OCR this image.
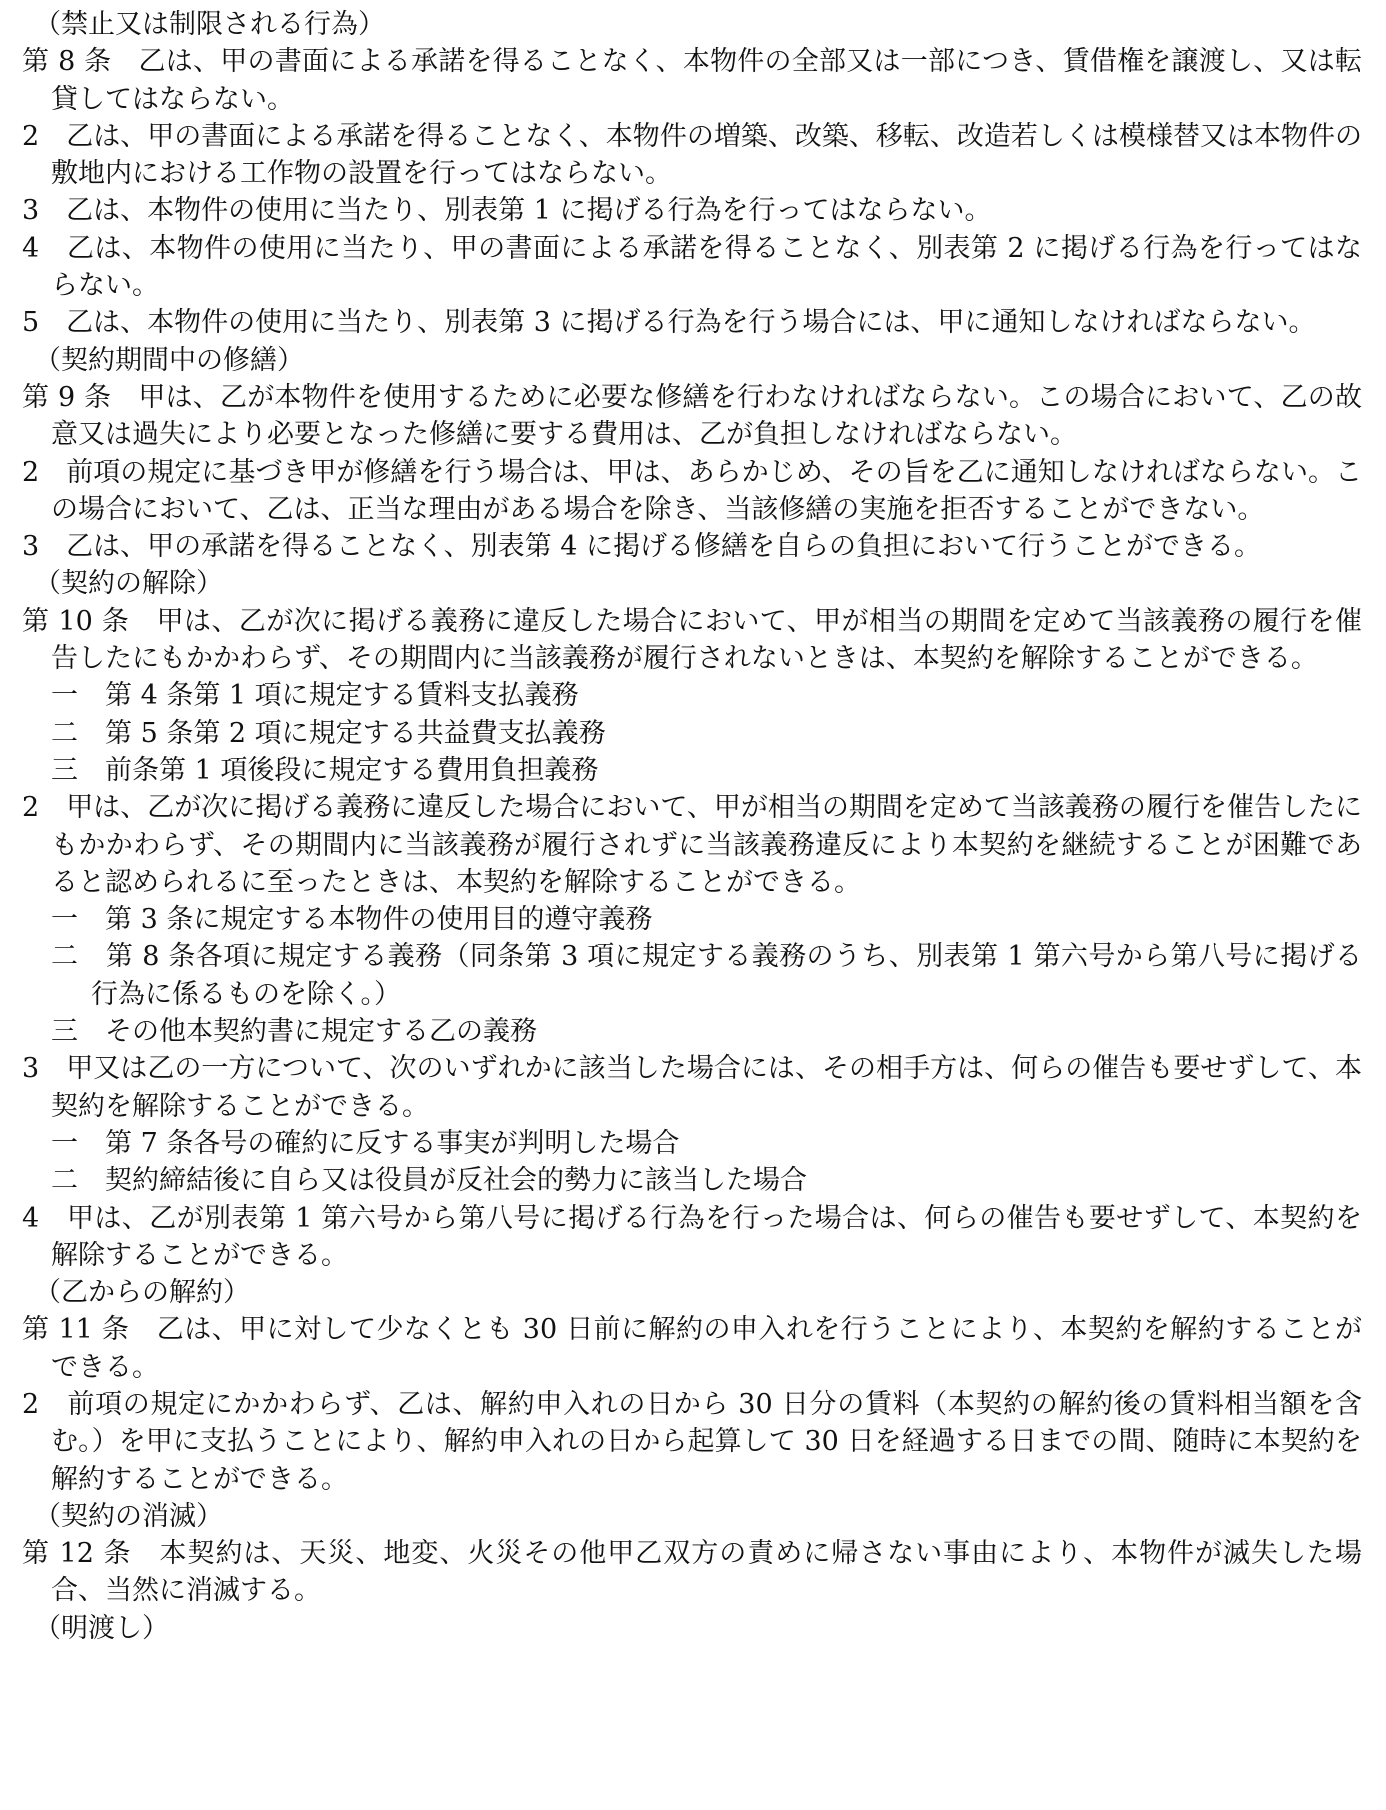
（禁止又は制限される行為）

第 8 条　乙は、甲の書面による承諾を得ることなく、本物件の全部又は一部につき、賃借権を譲渡し、又は転貸してはならない。

2　乙は、甲の書面による承諾を得ることなく、本物件の増築、改築、移転、改造若しくは模様替又は本物件の敷地内における工作物の設置を行ってはならない。

3　乙は、本物件の使用に当たり、別表第 1 に掲げる行為を行ってはならない。

4　乙は、本物件の使用に当たり、甲の書面による承諾を得ることなく、別表第 2 に掲げる行為を行ってはならない。

5　乙は、本物件の使用に当たり、別表第 3 に掲げる行為を行う場合には、甲に通知しなければならない。

（契約期間中の修繕）

第 9 条　甲は、乙が本物件を使用するために必要な修繕を行わなければならない。この場合において、乙の故意又は過失により必要となった修繕に要する費用は、乙が負担しなければならない。

2　前項の規定に基づき甲が修繕を行う場合は、甲は、あらかじめ、その旨を乙に通知しなければならない。この場合において、乙は、正当な理由がある場合を除き、当該修繕の実施を拒否することができない。

3　乙は、甲の承諾を得ることなく、別表第 4 に掲げる修繕を自らの負担において行うことができる。

（契約の解除）

第 10 条　甲は、乙が次に掲げる義務に違反した場合において、甲が相当の期間を定めて当該義務の履行を催告したにもかかわらず、その期間内に当該義務が履行されないときは、本契約を解除することができる。

一　第 4 条第 1 項に規定する賃料支払義務

二　第 5 条第 2 項に規定する共益費支払義務

三　前条第 1 項後段に規定する費用負担義務

2　甲は、乙が次に掲げる義務に違反した場合において、甲が相当の期間を定めて当該義務の履行を催告したにもかかわらず、その期間内に当該義務が履行されずに当該義務違反により本契約を継続することが困難であると認められるに至ったときは、本契約を解除することができる。

一　第 3 条に規定する本物件の使用目的遵守義務

二　第 8 条各項に規定する義務（同条第 3 項に規定する義務のうち、別表第 1 第六号から第八号に掲げる行為に係るものを除く。）

三　その他本契約書に規定する乙の義務

3　甲又は乙の一方について、次のいずれかに該当した場合には、その相手方は、何らの催告も要せずして、本契約を解除することができる。

一　第 7 条各号の確約に反する事実が判明した場合

二　契約締結後に自ら又は役員が反社会的勢力に該当した場合

4　甲は、乙が別表第 1 第六号から第八号に掲げる行為を行った場合は、何らの催告も要せずして、本契約を解除することができる。

（乙からの解約）

第 11 条　乙は、甲に対して少なくとも 30 日前に解約の申入れを行うことにより、本契約を解約することができる。

2　前項の規定にかかわらず、乙は、解約申入れの日から 30 日分の賃料（本契約の解約後の賃料相当額を含む。）を甲に支払うことにより、解約申入れの日から起算して 30 日を経過する日までの間、随時に本契約を解約することができる。

（契約の消滅）

第 12 条　本契約は、天災、地変、火災その他甲乙双方の責めに帰さない事由により、本物件が滅失した場合、当然に消滅する。

（明渡し）
